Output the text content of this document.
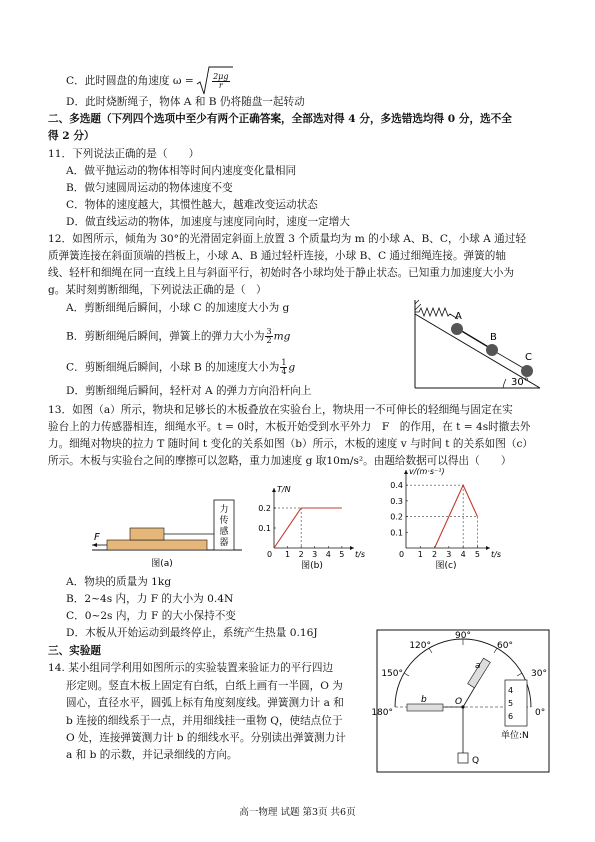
C．此时圆盘的角速度 $\omega = \frac{2\mu g}{r}$
D．此时烧断绳子，物体 A 和 B 仍将随盘一起转动
二、多选题（下列四个选项中至少有两个正确答案，全部选对得 4 分，多选错选均得 0 分，选不全
得 2 分）
11．下列说法正确的是（　　）
A．做平抛运动的物体相等时间内速度变化量相同
B．做匀速圆周运动的物体速度不变
C．物体的速度越大，其惯性越大，越难改变运动状态
D．做直线运动的物体，加速度与速度同向时，速度一定增大
12．如图所示，倾角为 30°的光滑固定斜面上放置 3 个质量均为 m 的小球 A、B、C，小球 A 通过轻
质弹簧连接在斜面顶端的挡板上，小球 A、B 通过轻杆连接，小球 B、C 通过细绳连接。弹簧的轴
线、轻杆和细绳在同一直线上且与斜面平行，初始时各小球均处于静止状态。已知重力加速度大小为
g。某时刻剪断细绳，下列说法正确的是（　）
A．剪断细绳后瞬间，小球 C 的加速度大小为 g
B．剪断细绳后瞬间，弹簧上的弹力大小为 $\frac{3}{2}$ mg
C．剪断细绳后瞬间，小球 B 的加速度大小为 $\frac{1}{4}$ g
D．剪断细绳后瞬间，轻杆对 A 的弹力方向沿杆向上
A
B
C
30°
13．如图（a）所示，物块和足够长的木板叠放在实验台上，物块用一不可伸长的轻细绳与固定在实
验台上的力传感器相连，细绳水平。t = 0时，木板开始受到水平外力　F　的作用，在 t = 4s时撤去外
力。细绳对物块的拉力 T 随时间 t 变化的关系如图（b）所示，木板的速度 v 与时间 t 的关系如图（c）
所示。木板与实验台之间的摩擦可以忽略，重力加速度 g 取10m/s²。由题给数据可以得出（　　）
力传感器
F
图(a)
T/N
t/s
0 1 2 3 4 5
0.2
0.1
图(b)
v/(m·s⁻¹)
t/s
0 1 2 3 4 5
0.4
0.3
0.2
0.1
图(c)
A．物块的质量为 1kg
B．2~4s 内，力 F 的大小为 0.4N
C．0~2s 内，力 F 的大小保持不变
D．木板从开始运动到最终停止，系统产生热量 0.16J
三、实验题
14. 某小组同学利用如图所示的实验装置来验证力的平行四边
形定则。竖直木板上固定有白纸，白纸上画有一半圆，O 为
圆心，直径水平，圆弧上标有角度刻度线。弹簧测力计 a 和
b 连接的细线系于一点，并用细线挂一重物 Q，使结点位于
O 处，连接弹簧测力计 b 的细线水平。分别读出弹簧测力计
a 和 b 的示数，并记录细线的方向。
90°
120°	60°
150°	30°
180°	0°
a
b	O
Q
4
5
6
单位:N
高一物理 试题 第3页 共6页
